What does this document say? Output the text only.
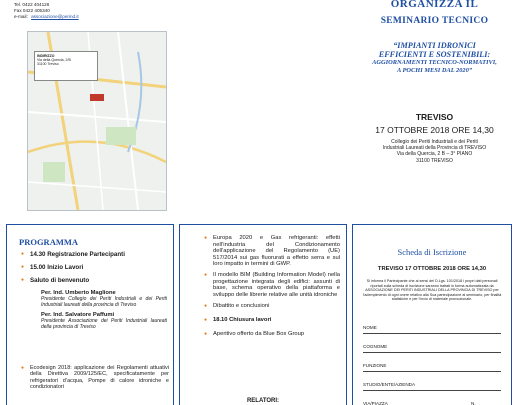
Tel. 0422 404126
Fax 0422 405340
e-mail: associazione@perind.it
INDIRIZZO
Via della Quercia, 2/B
31100 Treviso
ORGANIZZA IL
SEMINARIO TECNICO
“IMPIANTI IDRONICI
EFFICIENTI E SOSTENIBILI:
AGGIORNAMENTI TECNICO-NORMATIVI,
A POCHI MESI DAL 2020”
TREVISO
17 OTTOBRE 2018 ORE 14,30
Collegio dei Periti Industriali e dei Periti
Industriali Laureati della Provincia di TREVISO
Via della Quercia, 2 B – 3° PIANO
31100 TREVISO
PROGRAMMA
● 14.30 Registrazione Partecipanti
● 15.00 Inizio Lavori
● Saluto di benvenuto
Per. Ind. Umberto Maglione
Presidente Collegio dei Periti Industriali e dei Periti Industriali laureati della provincia di Treviso
Per. Ind. Salvatore Paffumi
Presidente Associazione dei Periti Industriali laureati della provincia di Treviso
● Ecodesign 2018: applicazione dei Regolamenti attuativi della Direttiva 2009/125/EC, specificatamente per refrigeratori d’acqua, Pompe di calore idroniche e condizionatori
● Europa 2020 e Gas refrigeranti: effetti nell’industria del Condizionamento dell’applicazione del Regolamento (UE) 517/2014 sui gas fluorurati a effetto serra e sul loro impatto in termini di GWP.
● Il modello BIM (Building Information Model) nella progettazione integrata degli edifici: assunti di base, schema operativo della piattaforma e sviluppo delle librerie relative alle unità idroniche
● Dibattito e conclusioni
● 18.10 Chiusura lavori
● Aperitivo offerto da Blue Box Group
RELATORI:
Scheda di Iscrizione
TREVISO 17 OTTOBRE 2018 ORE 14,30
Si informa il Partecipante che ai sensi del D.Lgs. 101/2018 i propri dati personali riportati sulla scheda di iscrizione saranno trattati in forma automatizzata da ASSOCIAZIONE DEI PERITI INDUSTRIALI DELLA PROVINCIA DI TREVISO per l’adempimento di ogni onere relativo alla Sua partecipazione al seminario, per finalità statistiche e per l’invio di materiale promozionale.
NOME
COGNOME
FUNZIONE
STUDIO/ENTE/AZIENDA
VIA/PIAZZA	N.
